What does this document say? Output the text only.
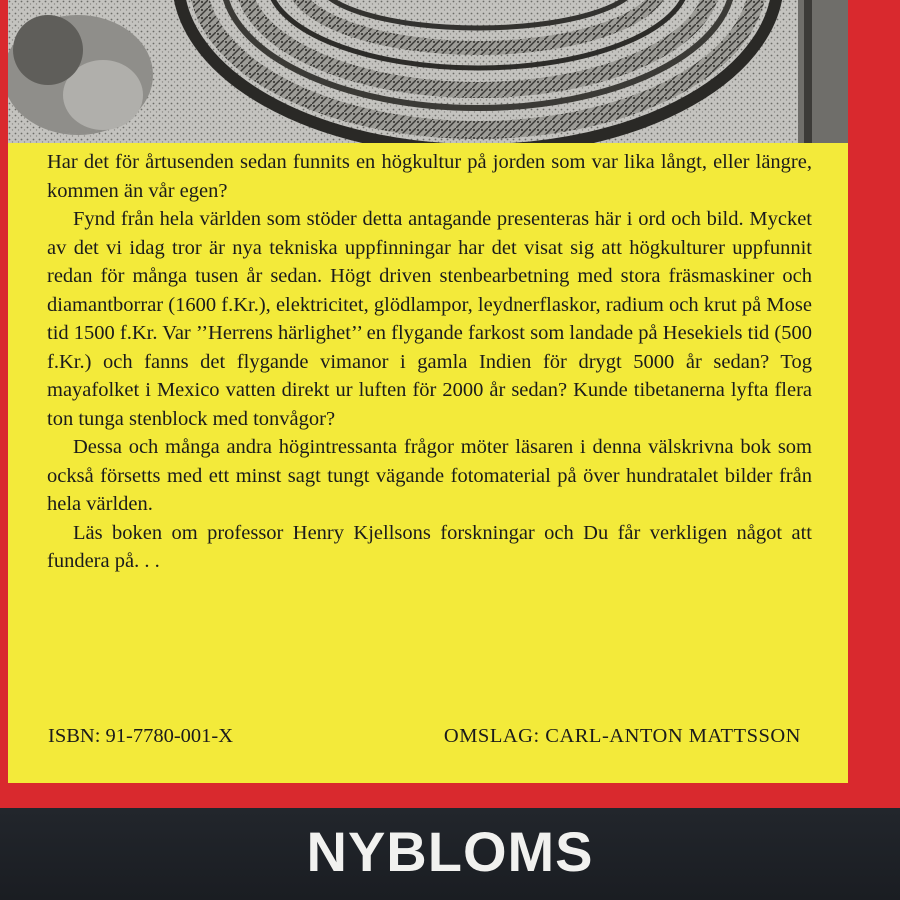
Har det för årtusenden sedan funnits en högkultur på jorden som var lika långt, eller längre, kommen än vår egen?

Fynd från hela världen som stöder detta antagande presenteras här i ord och bild. Mycket av det vi idag tror är nya tekniska uppfinningar har det visat sig att högkulturer uppfunnit redan för många tusen år sedan. Högt driven stenbearbetning med stora fräsmaskiner och diamantborrar (1600 f.Kr.), elektricitet, glödlampor, leydnerflaskor, radium och krut på Mose tid 1500 f.Kr. Var ’’Herrens härlighet’’ en flygande farkost som landade på Hesekiels tid (500 f.Kr.) och fanns det flygande vimanor i gamla Indien för drygt 5000 år sedan? Tog mayafolket i Mexico vatten direkt ur luften för 2000 år sedan? Kunde tibetanerna lyfta flera ton tunga stenblock med tonvågor?

Dessa och många andra högintressanta frågor möter läsaren i denna välskrivna bok som också försetts med ett minst sagt tungt vägande fotomaterial på över hundratalet bilder från hela världen.

Läs boken om professor Henry Kjellsons forskningar och Du får verkligen något att fundera på. . .

ISBN: 91-7780-001-X	OMSLAG: CARL-ANTON MATTSSON
NYBLOMS
